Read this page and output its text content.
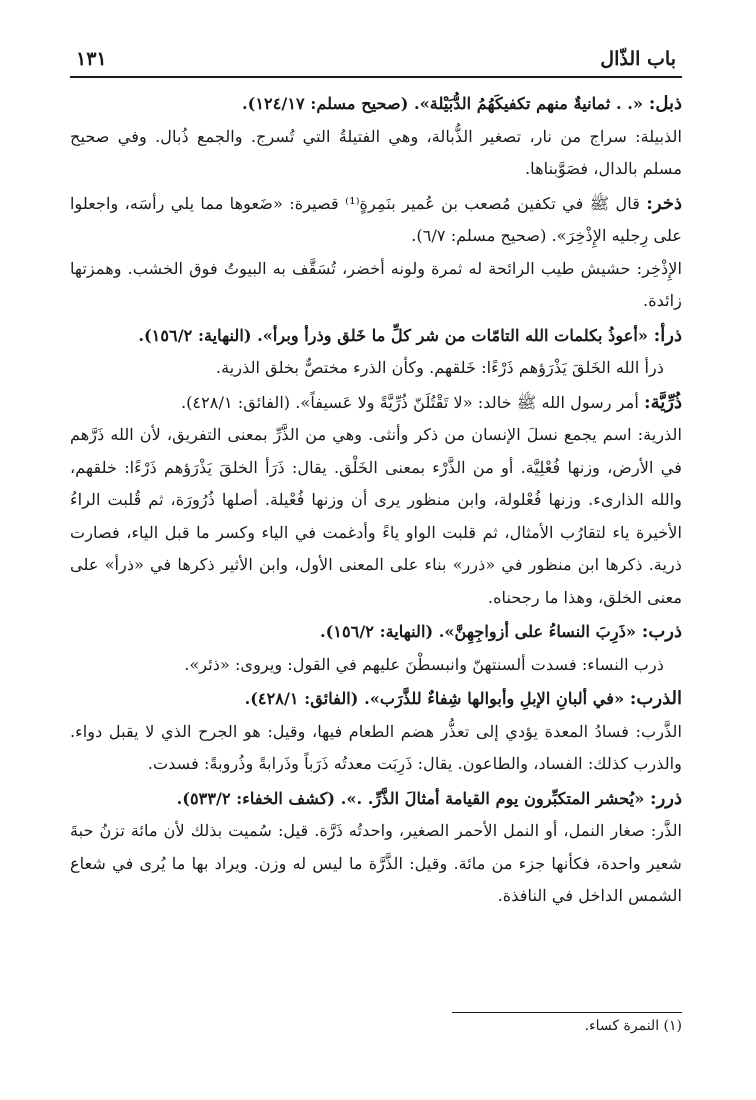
باب الذّال
١٣١

ذبل: «. . ثمانيةٌ منهم تكفيكَهُمُ الدُّبَيْلة». (صحيح مسلم: ١٢٤/١٧).

الذبيلة: سراج من نار، تصغير الذُّبالة، وهي الفتيلةُ التي تُسرج. والجمع ذُبال. وفي صحيح مسلم بالدال، فصَوَّبناها.

ذخر: قال ﷺ في تكفين مُصعب بن عُمير بنَمِرةٍ⁽¹⁾ قصيرة: «ضَعوها مما يلي رأسَه، واجعلوا على رِجليه الإِذْخِرَ». (صحيح مسلم: ٦/٧).

الإِذْخِر: حشيش طيب الرائحة له ثمرة ولونه أخضر، تُسَقَّف به البيوتُ فوق الخشب. وهمزتها زائدة.

ذرأ: «أعوذُ بكلمات الله التامّات من شر كلِّ ما خَلق وذرأ وبرأ». (النهاية: ١٥٦/٢).

ذرأ الله الخَلقَ يَذْرَؤهم ذَرْءًا: خَلقهم. وكأن الذرء مختصٌّ بخلق الذرية.

ذُرِّيَّة: أمر رسول الله ﷺ خالد: «لا تَقْتُلَنّ ذُرِّيَّةً ولا عَسيفاً». (الفائق: ٤٢٨/١).

الذرية: اسم يجمع نسلَ الإنسان من ذكر وأنثى. وهي من الذَّرِّ بمعنى التفريق، لأن الله ذَرَّهم في الأرض، وزنها فُعْلِيَّة. أو من الذَّرْء بمعنى الخَلْق. يقال: ذَرَأ الخلقَ يَذْرَؤهم ذَرْءًا: خلقهم، والله الذارىء. وزنها فُعْلولة، وابن منظور يرى أن وزنها فُعْيلة. أصلها ذُرُورَة، ثم قُلبت الراءُ الأخيرة ياء لتقارُب الأمثال، ثم قلبت الواو ياءً وأدغمت في الياء وكسر ما قبل الياء، فصارت ذرية. ذكرها ابن منظور في «ذرر» بناء على المعنى الأول، وابن الأثير ذكرها في «ذرأ» على معنى الخلق، وهذا ما رجحناه.

ذرب: «ذَرِبَ النساءُ على أزواجِهِنَّ». (النهاية: ١٥٦/٢).

ذرب النساء: فسدت ألسنتهنّ وانبسطْنَ عليهم في القول: ويروى: «ذئر».

الذرب: «في ألبانِ الإبلِ وأبوالها شِفاءٌ للذَّرَب». (الفائق: ٤٢٨/١).

الذَّرب: فسادُ المعدة يؤدي إلى تعذُّر هضم الطعام فيها، وقيل: هو الجرح الذي لا يقبل دواء. والذرب كذلك: الفساد، والطاعون. يقال: ذَرِبَت معدتُه ذَرَباً وذَرابةً وذُروبةً: فسدت.

ذرر: «يُحشر المتكبِّرون يوم القيامة أمثالَ الذَّرِّ. .». (كشف الخفاء: ٥٣٣/٢).

الذَّر: صغار النمل، أو النمل الأحمر الصغير، واحدتُه ذَرَّة. قيل: سُميت بذلك لأن مائة تزنُ حبةَ شعير واحدة، فكأنها جزء من مائة. وقيل: الذَّرَّة ما ليس له وزن. ويراد بها ما يُرى في شعاع الشمس الداخل في النافذة.

(١) النمرة كساء.
